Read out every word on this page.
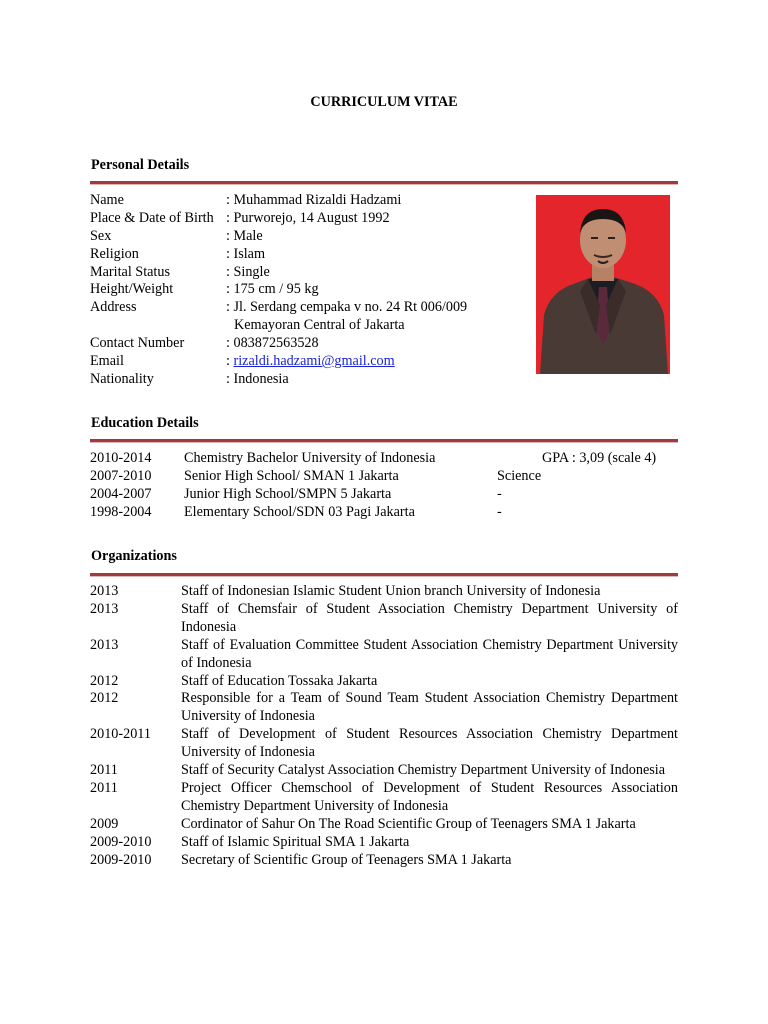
CURRICULUM VITAE
Personal Details
Name	: Muhammad Rizaldi Hadzami
Place & Date of Birth : Purworejo, 14 August 1992
Sex	: Male
Religion	: Islam
Marital Status	: Single
Height/Weight	: 175 cm / 95 kg
Address	: Jl. Serdang cempaka v no. 24 Rt 006/009
Kemayoran Central of Jakarta
Contact Number	: 083872563528
Email	: rizaldi.hadzami@gmail.com
Nationality	: Indonesia
Education Details
2010-2014 Chemistry Bachelor University of Indonesia	GPA : 3,09 (scale 4)
2007-2010 Senior High School/ SMAN 1 Jakarta	Science
2004-2007 Junior High School/SMPN 5 Jakarta	-
1998-2004 Elementary School/SDN 03 Pagi Jakarta	-
Organizations
2013	Staff of Indonesian Islamic Student Union branch University of Indonesia
2013	Staff of Chemsfair of Student Association Chemistry Department University of Indonesia
2013	Staff of Evaluation Committee Student Association Chemistry Department University of Indonesia
2012	Staff of Education Tossaka Jakarta
2012	Responsible for a Team of Sound Team Student Association Chemistry Department University of Indonesia
2010-2011	Staff of Development of Student Resources Association Chemistry Department University of Indonesia
2011	Staff of Security Catalyst Association Chemistry Department University of Indonesia
2011	Project Officer Chemschool of Development of Student Resources Association Chemistry Department University of Indonesia
2009	Cordinator of Sahur On The Road Scientific Group of Teenagers SMA 1 Jakarta
2009-2010	Staff of Islamic Spiritual SMA 1 Jakarta
2009-2010	Secretary of Scientific Group of Teenagers SMA 1 Jakarta
